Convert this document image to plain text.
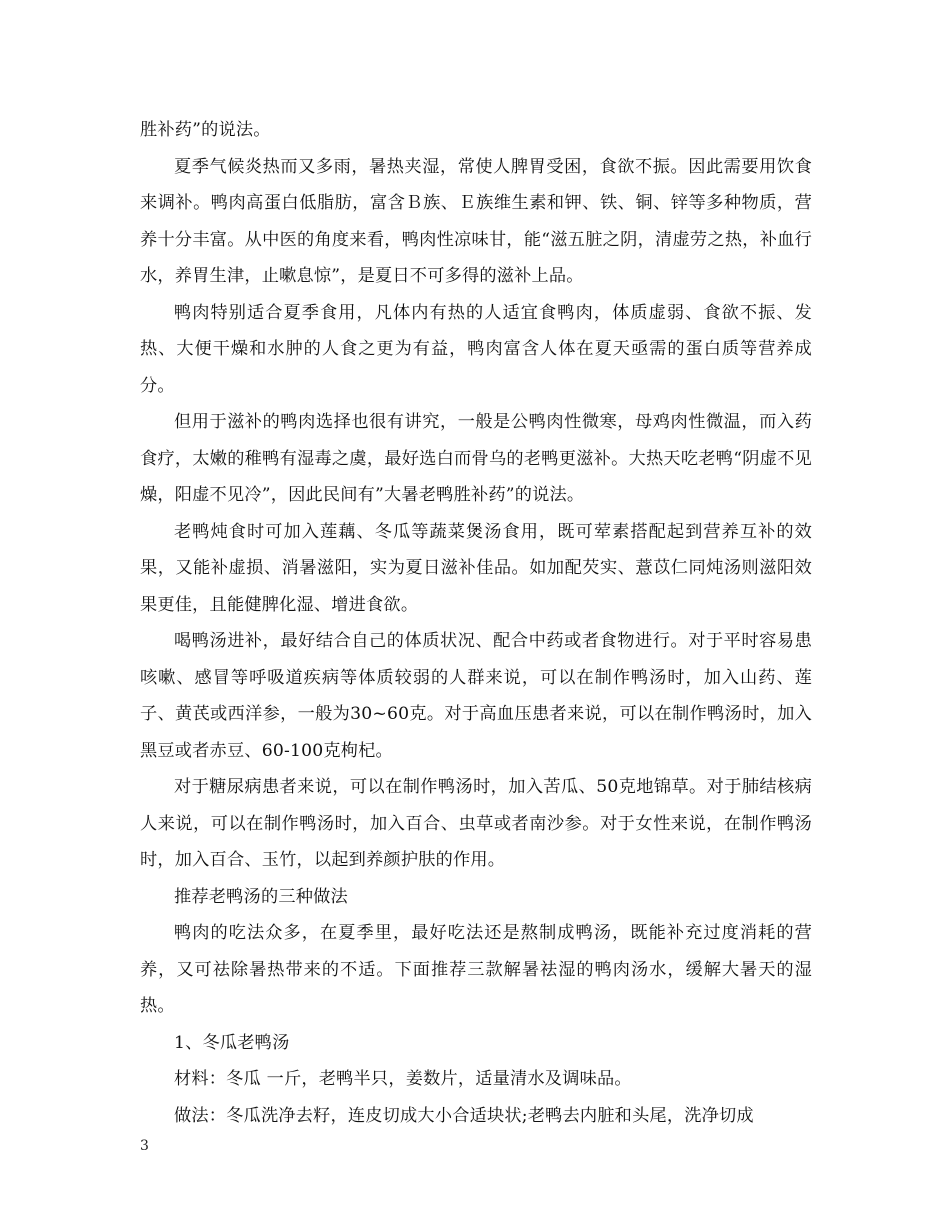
胜补药”的说法。

夏季气候炎热而又多雨，暑热夹湿，常使人脾胃受困，食欲不振。因此需要用饮食来调补。鸭肉高蛋白低脂肪，富含Ｂ族、Ｅ族维生素和钾、铁、铜、锌等多种物质，营养十分丰富。从中医的角度来看，鸭肉性凉味甘，能“滋五脏之阴，清虚劳之热，补血行水，养胃生津，止嗽息惊”，是夏日不可多得的滋补上品。

鸭肉特别适合夏季食用，凡体内有热的人适宜食鸭肉，体质虚弱、食欲不振、发热、大便干燥和水肿的人食之更为有益，鸭肉富含人体在夏天亟需的蛋白质等营养成分。

但用于滋补的鸭肉选择也很有讲究，一般是公鸭肉性微寒，母鸡肉性微温，而入药食疗，太嫩的稚鸭有湿毒之虞，最好选白而骨乌的老鸭更滋补。大热天吃老鸭“阴虚不见燥，阳虚不见冷”，因此民间有”大暑老鸭胜补药”的说法。

老鸭炖食时可加入莲藕、冬瓜等蔬菜煲汤食用，既可荤素搭配起到营养互补的效果，又能补虚损、消暑滋阳，实为夏日滋补佳品。如加配芡实、薏苡仁同炖汤则滋阳效果更佳，且能健脾化湿、增进食欲。

喝鸭汤进补，最好结合自己的体质状况、配合中药或者食物进行。对于平时容易患咳嗽、感冒等呼吸道疾病等体质较弱的人群来说，可以在制作鸭汤时，加入山药、莲子、黄芪或西洋参，一般为30~60克。对于高血压患者来说，可以在制作鸭汤时，加入黑豆或者赤豆、60-100克枸杞。

对于糖尿病患者来说，可以在制作鸭汤时，加入苦瓜、50克地锦草。对于肺结核病人来说，可以在制作鸭汤时，加入百合、虫草或者南沙参。对于女性来说，在制作鸭汤时，加入百合、玉竹，以起到养颜护肤的作用。

推荐老鸭汤的三种做法

鸭肉的吃法众多，在夏季里，最好吃法还是熬制成鸭汤，既能补充过度消耗的营养，又可祛除暑热带来的不适。下面推荐三款解暑祛湿的鸭肉汤水，缓解大暑天的湿热。

1、冬瓜老鸭汤

材料：冬瓜 一斤，老鸭半只，姜数片，适量清水及调味品。

做法：冬瓜洗净去籽，连皮切成大小合适块状;老鸭去内脏和头尾，洗净切成

3
